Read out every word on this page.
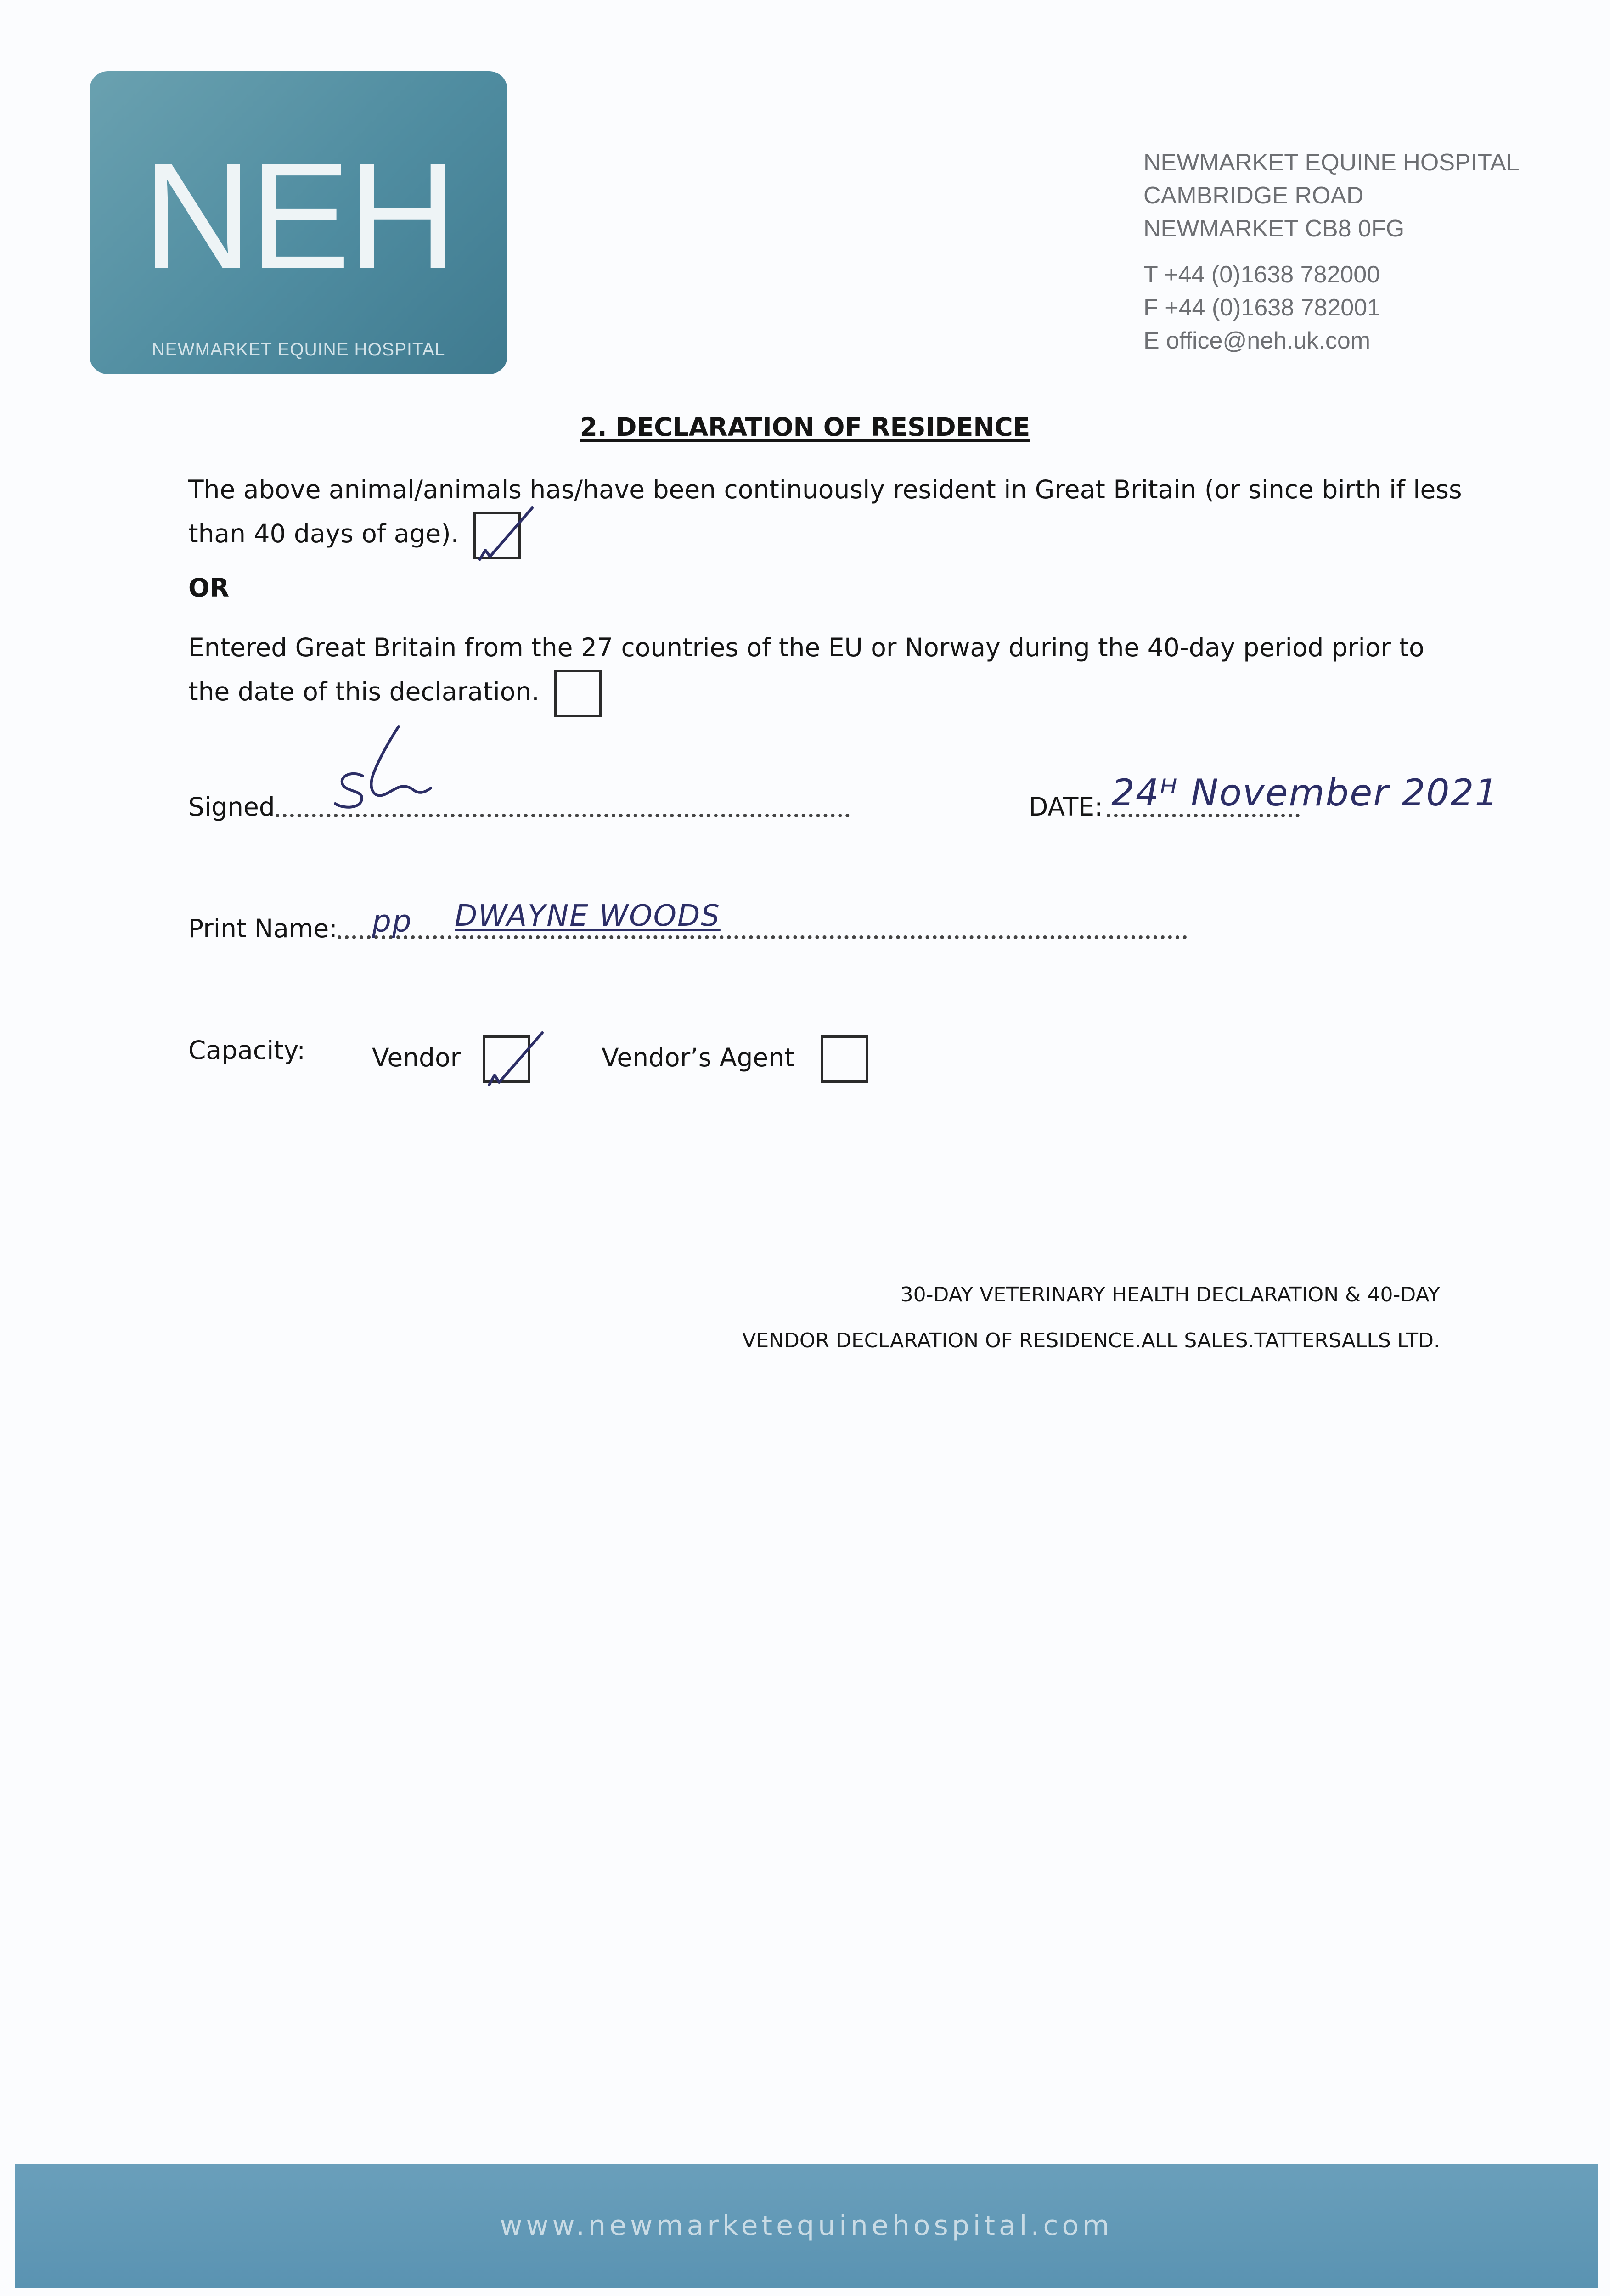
NEH
NEWMARKET EQUINE HOSPITAL
NEWMARKET EQUINE HOSPITAL
CAMBRIDGE ROAD
NEWMARKET CB8 0FG
T +44 (0)1638 782000
F +44 (0)1638 782001
E office@neh.uk.com
2. DECLARATION OF RESIDENCE
The above animal/animals has/have been continuously resident in Great Britain (or since birth if less
than 40 days of age).
OR
Entered Great Britain from the 27 countries of the EU or Norway during the 40-day period prior to
the date of this declaration.
Signed	DATE: 24ᴴ November 2021
Print Name: pp DWAYNE WOODS
Capacity:	Vendor	Vendor’s Agent
30-DAY VETERINARY HEALTH DECLARATION & 40-DAY
VENDOR DECLARATION OF RESIDENCE.ALL SALES.TATTERSALLS LTD.
www.newmarketequinehospital.com
